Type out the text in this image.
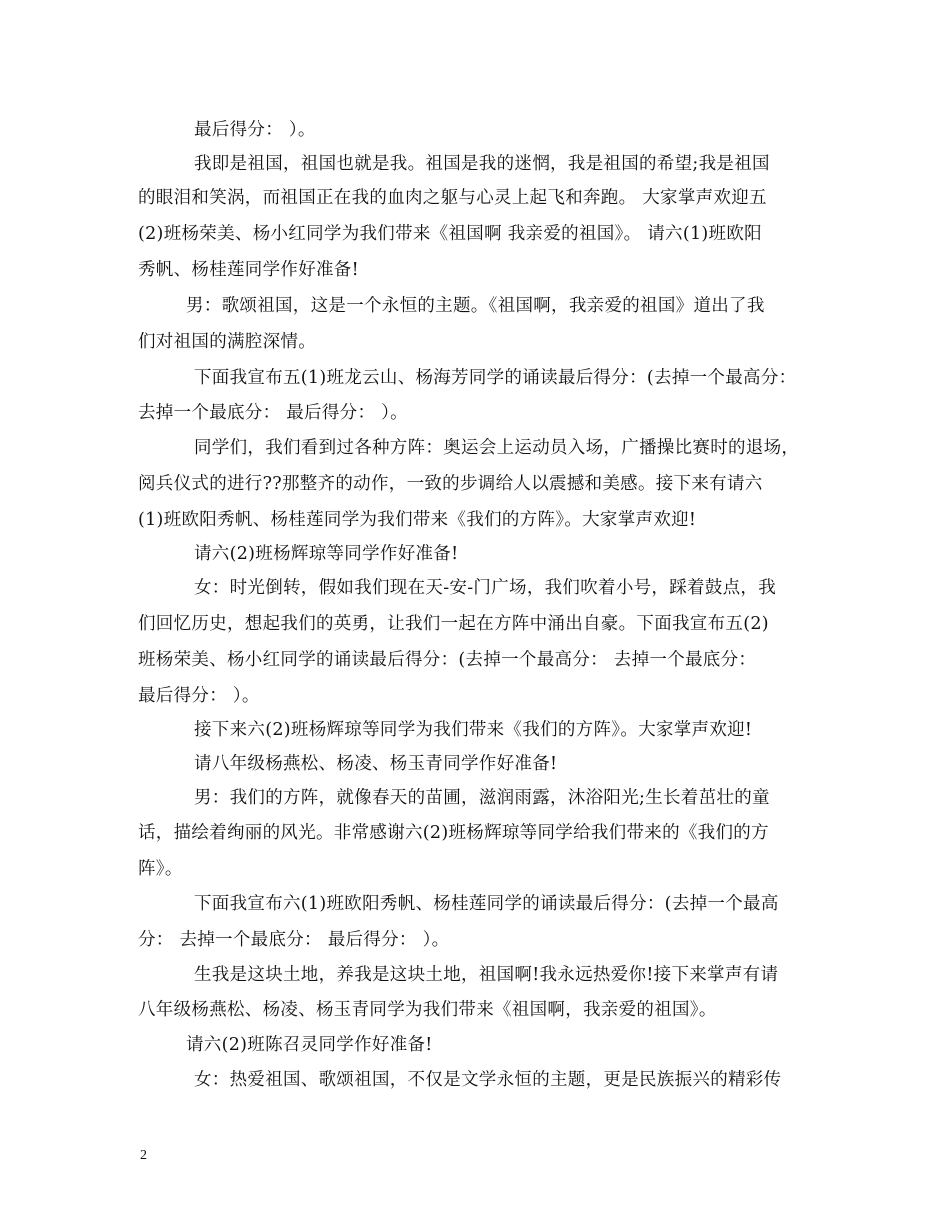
最后得分： ）。
我即是祖国，祖国也就是我。祖国是我的迷惘，我是祖国的希望;我是祖国
的眼泪和笑涡，而祖国正在我的血肉之躯与心灵上起飞和奔跑。 大家掌声欢迎五
(2)班杨荣美、杨小红同学为我们带来《祖国啊 我亲爱的祖国》。 请六(1)班欧阳
秀帆、杨桂莲同学作好准备!
男：歌颂祖国，这是一个永恒的主题。《祖国啊，我亲爱的祖国》道出了我
们对祖国的满腔深情。
下面我宣布五(1)班龙云山、杨海芳同学的诵读最后得分：(去掉一个最高分：
去掉一个最底分： 最后得分： ）。
同学们，我们看到过各种方阵：奥运会上运动员入场，广播操比赛时的退场，
阅兵仪式的进行??那整齐的动作，一致的步调给人以震撼和美感。接下来有请六
(1)班欧阳秀帆、杨桂莲同学为我们带来《我们的方阵》。大家掌声欢迎!
请六(2)班杨辉琼等同学作好准备!
女：时光倒转，假如我们现在天-安-门广场，我们吹着小号，踩着鼓点，我
们回忆历史，想起我们的英勇，让我们一起在方阵中涌出自豪。下面我宣布五(2)
班杨荣美、杨小红同学的诵读最后得分：(去掉一个最高分： 去掉一个最底分：
最后得分： ）。
接下来六(2)班杨辉琼等同学为我们带来《我们的方阵》。大家掌声欢迎!
请八年级杨燕松、杨凌、杨玉青同学作好准备!
男：我们的方阵，就像春天的苗圃，滋润雨露，沐浴阳光;生长着茁壮的童
话，描绘着绚丽的风光。非常感谢六(2)班杨辉琼等同学给我们带来的《我们的方
阵》。
下面我宣布六(1)班欧阳秀帆、杨桂莲同学的诵读最后得分：(去掉一个最高
分： 去掉一个最底分： 最后得分： ）。
生我是这块土地，养我是这块土地，祖国啊!我永远热爱你!接下来掌声有请
八年级杨燕松、杨凌、杨玉青同学为我们带来《祖国啊，我亲爱的祖国》。
请六(2)班陈召灵同学作好准备!
女：热爱祖国、歌颂祖国，不仅是文学永恒的主题，更是民族振兴的精彩传
2
